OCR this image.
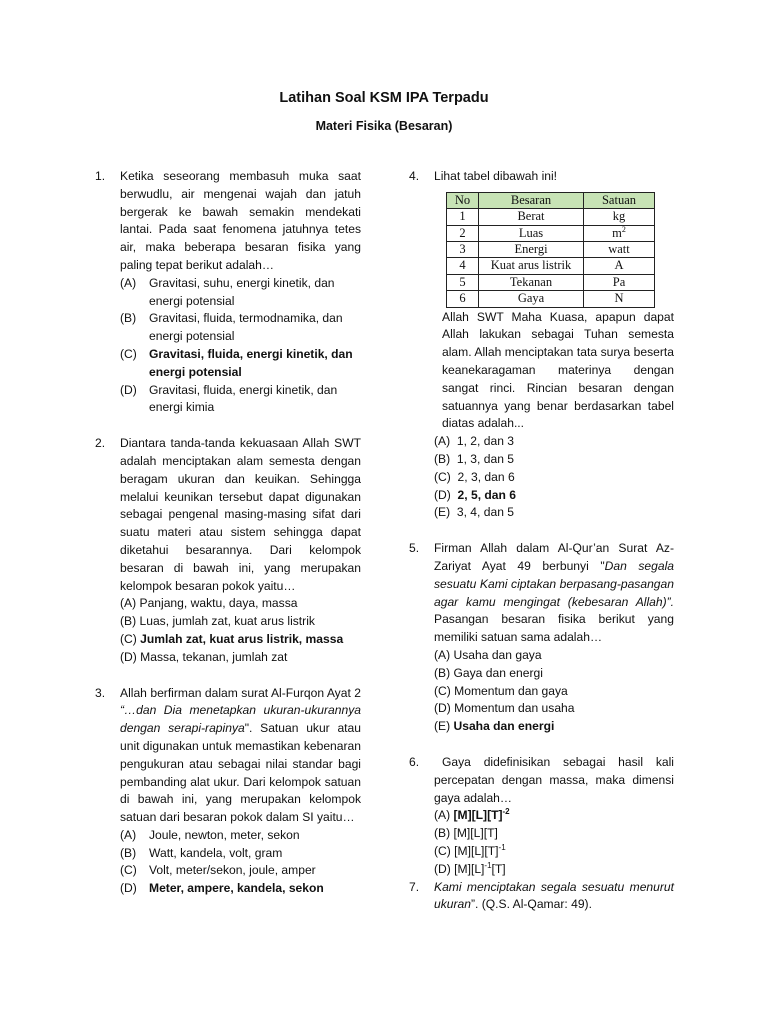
Latihan Soal KSM IPA Terpadu
Materi Fisika (Besaran)
1. Ketika seseorang membasuh muka saat berwudlu, air mengenai wajah dan jatuh bergerak ke bawah semakin mendekati lantai. Pada saat fenomena jatuhnya tetes air, maka beberapa besaran fisika yang paling tepat berikut adalah…
(A) Gravitasi, suhu, energi kinetik, dan energi potensial
(B) Gravitasi, fluida, termodnamika, dan energi potensial
(C) Gravitasi, fluida, energi kinetik, dan energi potensial
(D) Gravitasi, fluida, energi kinetik, dan energi kimia
2. Diantara tanda-tanda kekuasaan Allah SWT adalah menciptakan alam semesta dengan beragam ukuran dan keuikan. Sehingga melalui keunikan tersebut dapat digunakan sebagai pengenal masing-masing sifat dari suatu materi atau sistem sehingga dapat diketahui besarannya. Dari kelompok besaran di bawah ini, yang merupakan kelompok besaran pokok yaitu…
(A) Panjang, waktu, daya, massa
(B) Luas, jumlah zat, kuat arus listrik
(C) Jumlah zat, kuat arus listrik, massa
(D) Massa, tekanan, jumlah zat
3. Allah berfirman dalam surat Al-Furqon Ayat 2 “…dan Dia menetapkan ukuran-ukurannya dengan serapi-rapinya". Satuan ukur atau unit digunakan untuk memastikan kebenaran pengukuran atau sebagai nilai standar bagi pembanding alat ukur. Dari kelompok satuan di bawah ini, yang merupakan kelompok satuan dari besaran pokok dalam SI yaitu…
(A) Joule, newton, meter, sekon
(B) Watt, kandela, volt, gram
(C) Volt, meter/sekon, joule, amper
(D) Meter, ampere, kandela, sekon
4. Lihat tabel dibawah ini!
No	Besaran	Satuan
1	Berat	kg
2	Luas	$m^2$
3	Energi	watt
4	Kuat arus listrik	A
5	Tekanan	Pa
6	Gaya	N
Allah SWT Maha Kuasa, apapun dapat Allah lakukan sebagai Tuhan semesta alam. Allah menciptakan tata surya beserta keanekaragaman materinya dengan sangat rinci. Rincian besaran dengan satuannya yang benar berdasarkan tabel diatas adalah...
(A) 1, 2, dan 3
(B) 1, 3, dan 5
(C) 2, 3, dan 6
(D) 2, 5, dan 6
(E) 3, 4, dan 5
5. Firman Allah dalam Al-Qur’an Surat Az-Zariyat Ayat 49 berbunyi "Dan segala sesuatu Kami ciptakan berpasang-pasangan agar kamu mengingat (kebesaran Allah)”. Pasangan besaran fisika berikut yang memiliki satuan sama adalah…
(A) Usaha dan gaya
(B) Gaya dan energi
(C) Momentum dan gaya
(D) Momentum dan usaha
(E) Usaha dan energi
6.	Gaya didefinisikan sebagai hasil kali percepatan dengan massa, maka dimensi gaya adalah…
(A) $[M][L][T]^{-2}$
(B) [M][L][T]
(C) $[M][L][T]^{-1}$
(D) $[M][L]^{-1}[T]$
7. Kami menciptakan segala sesuatu menurut ukuran”. (Q.S. Al-Qamar: 49).
